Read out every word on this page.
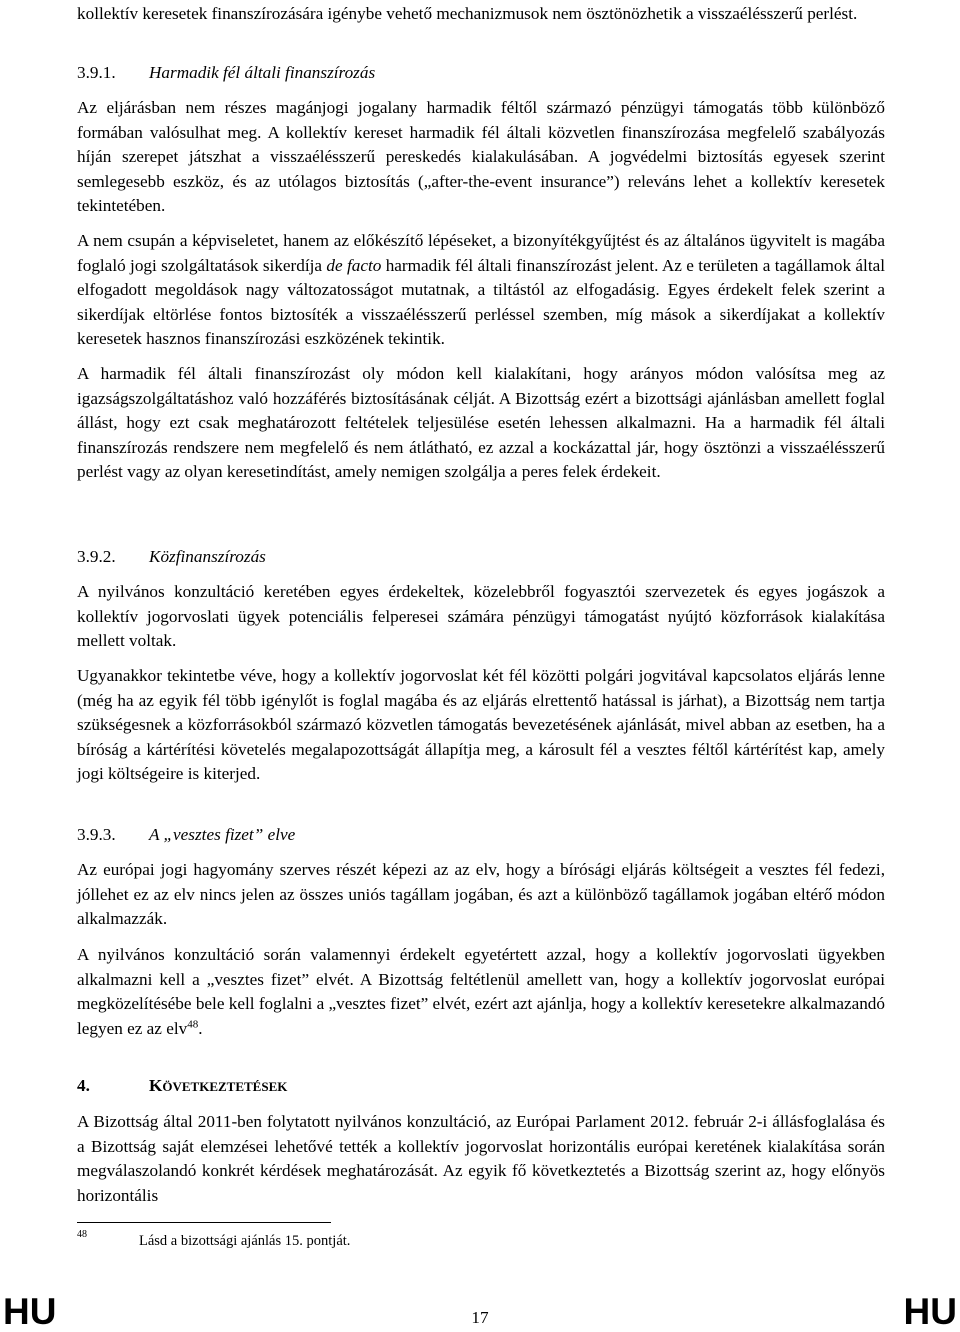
kollektív keresetek finanszírozására igénybe vehető mechanizmusok nem ösztönözhetik a visszaélésszerű perlést.

3.9.1.	Harmadik fél általi finanszírozás

Az eljárásban nem részes magánjogi jogalany harmadik féltől származó pénzügyi támogatás több különböző formában valósulhat meg. A kollektív kereset harmadik fél általi közvetlen finanszírozása megfelelő szabályozás híján szerepet játszhat a visszaélésszerű pereskedés kialakulásában. A jogvédelmi biztosítás egyesek szerint semlegesebb eszköz, és az utólagos biztosítás („after-the-event insurance”) releváns lehet a kollektív keresetek tekintetében.

A nem csupán a képviseletet, hanem az előkészítő lépéseket, a bizonyítékgyűjtést és az általános ügyvitelt is magába foglaló jogi szolgáltatások sikerdíja de facto harmadik fél általi finanszírozást jelent. Az e területen a tagállamok által elfogadott megoldások nagy változatosságot mutatnak, a tiltástól az elfogadásig. Egyes érdekelt felek szerint a sikerdíjak eltörlése fontos biztosíték a visszaélésszerű perléssel szemben, míg mások a sikerdíjakat a kollektív keresetek hasznos finanszírozási eszközének tekintik.

A harmadik fél általi finanszírozást oly módon kell kialakítani, hogy arányos módon valósítsa meg az igazságszolgáltatáshoz való hozzáférés biztosításának célját. A Bizottság ezért a bizottsági ajánlásban amellett foglal állást, hogy ezt csak meghatározott feltételek teljesülése esetén lehessen alkalmazni. Ha a harmadik fél általi finanszírozás rendszere nem megfelelő és nem átlátható, ez azzal a kockázattal jár, hogy ösztönzi a visszaélésszerű perlést vagy az olyan keresetindítást, amely nemigen szolgálja a peres felek érdekeit.

3.9.2.	Közfinanszírozás

A nyilvános konzultáció keretében egyes érdekeltek, közelebbről fogyasztói szervezetek és egyes jogászok a kollektív jogorvoslati ügyek potenciális felperesei számára pénzügyi támogatást nyújtó közforrások kialakítása mellett voltak.

Ugyanakkor tekintetbe véve, hogy a kollektív jogorvoslat két fél közötti polgári jogvitával kapcsolatos eljárás lenne (még ha az egyik fél több igénylőt is foglal magába és az eljárás elrettentő hatással is járhat), a Bizottság nem tartja szükségesnek a közforrásokból származó közvetlen támogatás bevezetésének ajánlását, mivel abban az esetben, ha a bíróság a kártérítési követelés megalapozottságát állapítja meg, a károsult fél a vesztes féltől kártérítést kap, amely jogi költségeire is kiterjed.

3.9.3.	A „vesztes fizet” elve

Az európai jogi hagyomány szerves részét képezi az az elv, hogy a bírósági eljárás költségeit a vesztes fél fedezi, jóllehet ez az elv nincs jelen az összes uniós tagállam jogában, és azt a különböző tagállamok jogában eltérő módon alkalmazzák.

A nyilvános konzultáció során valamennyi érdekelt egyetértett azzal, hogy a kollektív jogorvoslati ügyekben alkalmazni kell a „vesztes fizet” elvét. A Bizottság feltétlenül amellett van, hogy a kollektív jogorvoslat európai megközelítésébe bele kell foglalni a „vesztes fizet” elvét, ezért azt ajánlja, hogy a kollektív keresetekre alkalmazandó legyen ez az elv$^{48}$.

4.	KÖVETKEZTETÉSEK

A Bizottság által 2011-ben folytatott nyilvános konzultáció, az Európai Parlament 2012. február 2-i állásfoglalása és a Bizottság saját elemzései lehetővé tették a kollektív jogorvoslat horizontális európai keretének kialakítása során megválaszolandó konkrét kérdések meghatározását. Az egyik fő következtetés a Bizottság szerint az, hogy előnyös horizontális

48	Lásd a bizottsági ajánlás 15. pontját.
HU	17	HU
